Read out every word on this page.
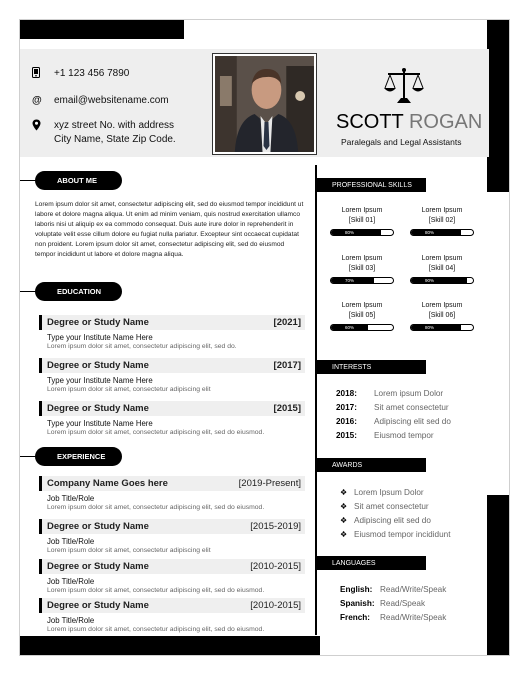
+1 123 456 7890
@	email@websitename.com
xyz street No. with address
City Name, State Zip Code.
SCOTT ROGAN
Paralegals and Legal Assistants
ABOUT ME
Lorem ipsum dolor sit amet, consectetur adipiscing elit, sed do eiusmod tempor incididunt ut labore et dolore magna aliqua. Ut enim ad minim veniam, quis nostrud exercitation ullamco laboris nisi ut aliquip ex ea commodo consequat. Duis aute irure dolor in reprehenderit in voluptate velit esse cillum dolore eu fugiat nulla pariatur. Excepteur sint occaecat cupidatat non proident. Lorem ipsum dolor sit amet, consectetur adipiscing elit, sed do eiusmod tempor incididunt ut labore et dolore magna aliqua.
EDUCATION
Degree or Study Name	[2021]
Type your Institute Name Here
Lorem ipsum dolor sit amet, consectetur adipiscing elit, sed do.
Degree or Study Name	[2017]
Type your Institute Name Here
Lorem ipsum dolor sit amet, consectetur adipiscing elit
Degree or Study Name	[2015]
Type your Institute Name Here
Lorem ipsum dolor sit amet, consectetur adipiscing elit, sed do eiusmod.
EXPERIENCE
Company Name Goes here	[2019-Present]
Job Title/Role
Lorem ipsum dolor sit amet, consectetur adipiscing elit, sed do eiusmod.
Degree or Study Name	[2015-2019]
Job Title/Role
Lorem ipsum dolor sit amet, consectetur adipiscing elit
Degree or Study Name	[2010-2015]
Job Title/Role
Lorem ipsum dolor sit amet, consectetur adipiscing elit, sed do eiusmod.
Degree or Study Name	[2010-2015]
Job Title/Role
Lorem ipsum dolor sit amet, consectetur adipiscing elit, sed do eiusmod.
PROFESSIONAL SKILLS
Lorem Ipsum
[Skill 01]
80%
Lorem Ipsum
[Skill 02]
80%
Lorem Ipsum
[Skill 03]
70%
Lorem Ipsum
[Skill 04]
90%
Lorem Ipsum
[Skill 05]
60%
Lorem Ipsum
[Skill 06]
80%
INTERESTS
2018:	Lorem ipsum Dolor
2017:	Sit amet consectetur
2016:	Adipiscing elit sed do
2015:	Eiusmod tempor
AWARDS
❖ Lorem Ipsum Dolor
❖ Sit amet consectetur
❖ Adipiscing elit sed do
❖ Eiusmod tempor incididunt
LANGUAGES
English: Read/Write/Speak
Spanish: Read/Speak
French:	Read/Write/Speak
